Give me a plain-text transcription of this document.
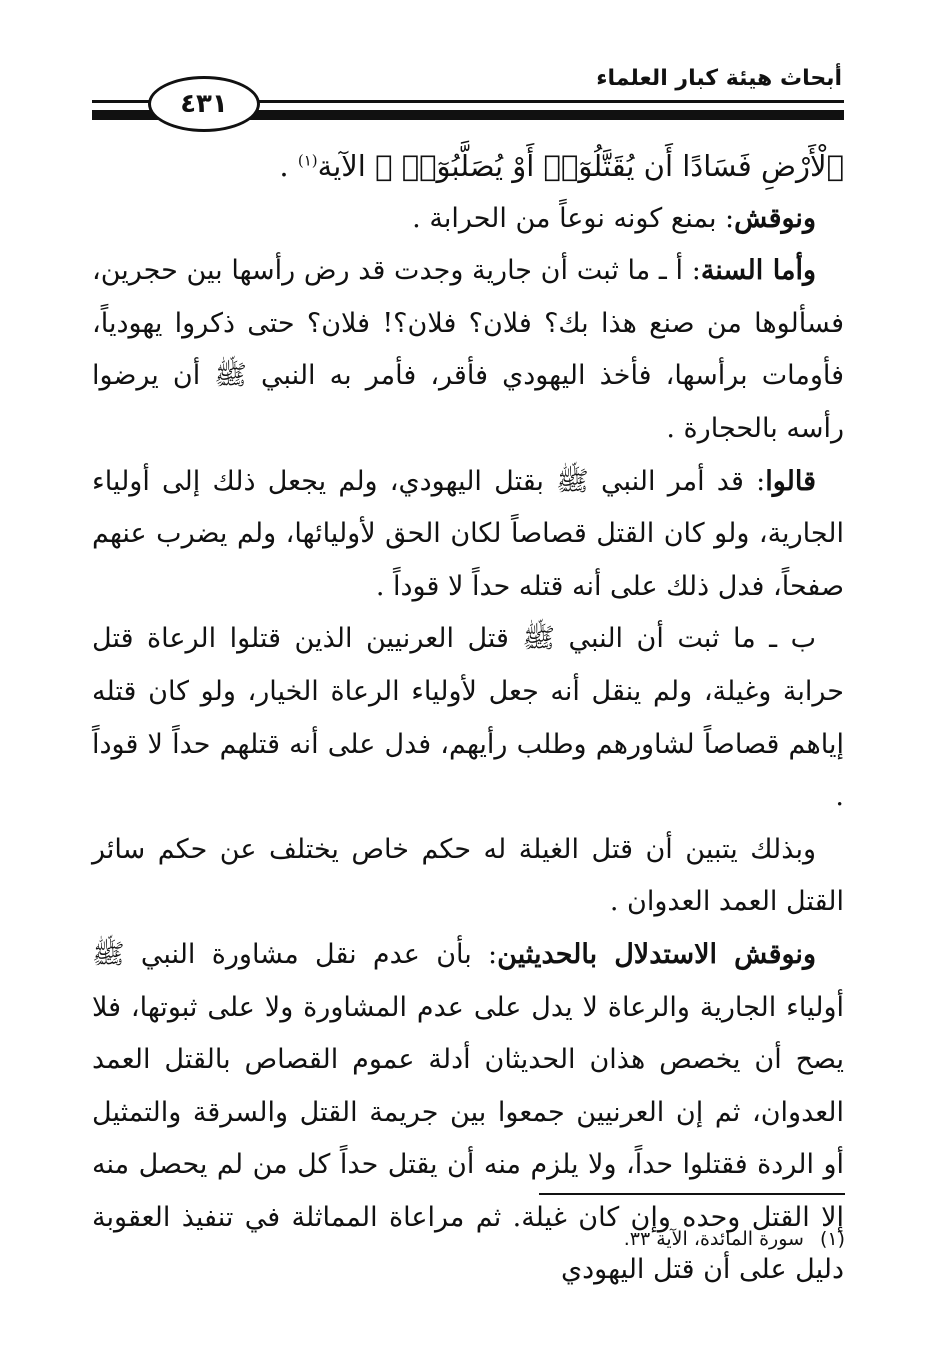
أبحاث هيئة كبار العلماء
٤٣١

ٱلْأَرْضِ فَسَادًا أَن يُقَتَّلُوٓا۟ أَوْ يُصَلَّبُوٓا۟ ﴾ الآية$^{(١)}$ .

ونوقش: بمنع كونه نوعاً من الحرابة .

وأما السنة: أ ـ ما ثبت أن جارية وجدت قد رض رأسها بين حجرين، فسألوها من صنع هذا بك؟ فلان؟ فلان؟! فلان؟ حتى ذكروا يهودياً، فأومات برأسها، فأخذ اليهودي فأقر، فأمر به النبي ﷺ أن يرضوا رأسه بالحجارة .

قالوا: قد أمر النبي ﷺ بقتل اليهودي، ولم يجعل ذلك إلى أولياء الجارية، ولو كان القتل قصاصاً لكان الحق لأوليائها، ولم يضرب عنهم صفحاً، فدل ذلك على أنه قتله حداً لا قوداً .

ب ـ ما ثبت أن النبي ﷺ قتل العرنيين الذين قتلوا الرعاة قتل حرابة وغيلة، ولم ينقل أنه جعل لأولياء الرعاة الخيار، ولو كان قتله إياهم قصاصاً لشاورهم وطلب رأيهم، فدل على أنه قتلهم حداً لا قوداً .

وبذلك يتبين أن قتل الغيلة له حكم خاص يختلف عن حكم سائر القتل العمد العدوان .

ونوقش الاستدلال بالحديثين: بأن عدم نقل مشاورة النبي ﷺ أولياء الجارية والرعاة لا يدل على عدم المشاورة ولا على ثبوتها، فلا يصح أن يخصص هذان الحديثان أدلة عموم القصاص بالقتل العمد العدوان، ثم إن العرنيين جمعوا بين جريمة القتل والسرقة والتمثيل أو الردة فقتلوا حداً، ولا يلزم منه أن يقتل حداً كل من لم يحصل منه إلا القتل وحده وإن كان غيلة. ثم مراعاة المماثلة في تنفيذ العقوبة دليل على أن قتل اليهودي

(١)سورة المائدة، الآية ٣٣.
